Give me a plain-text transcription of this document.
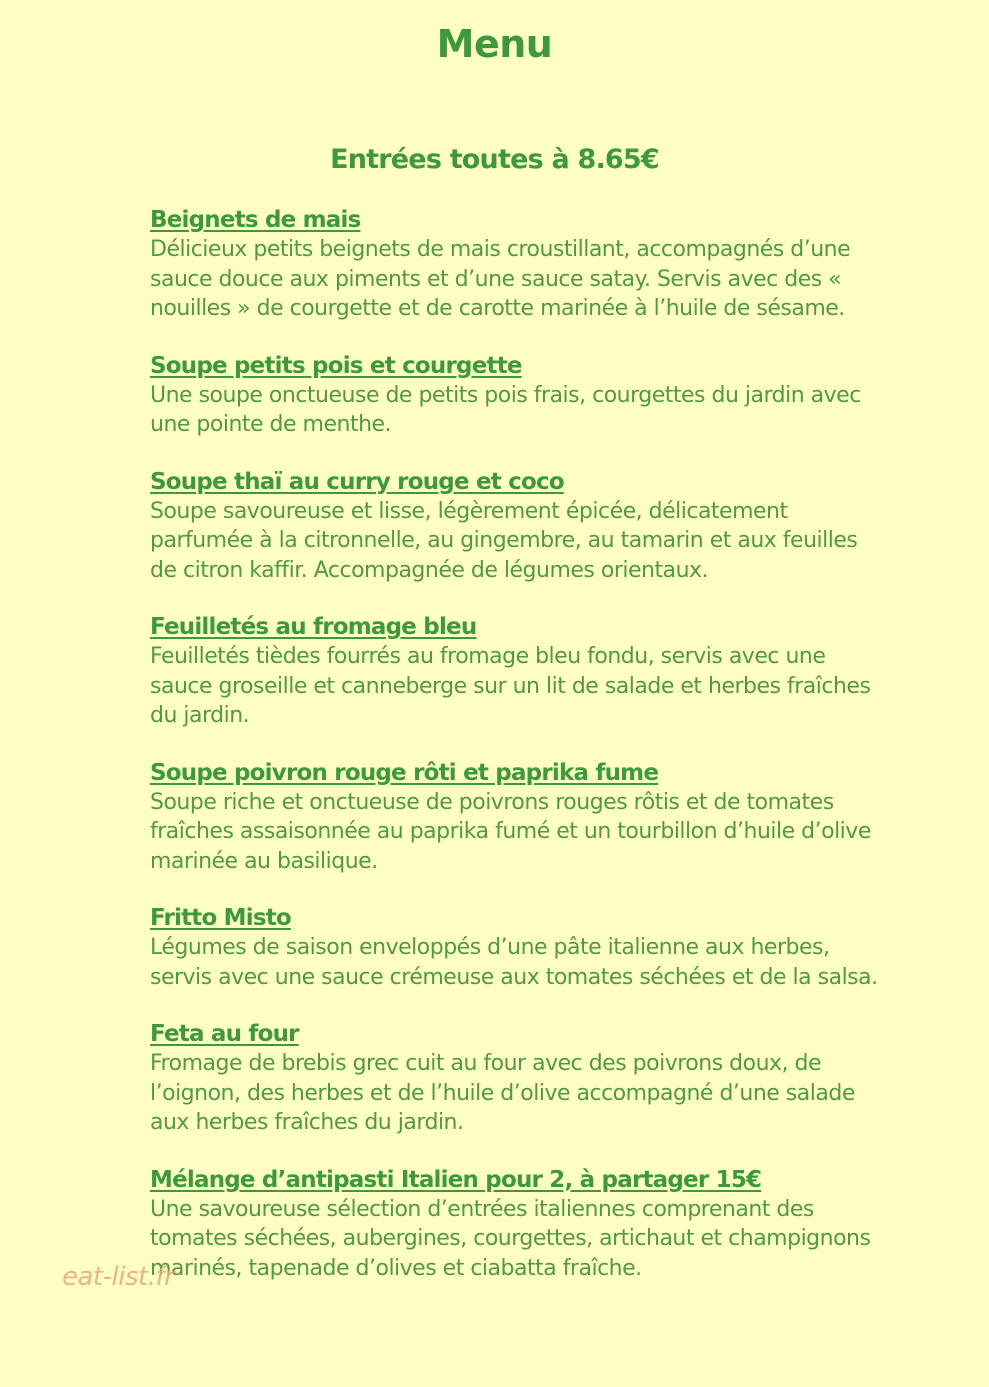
Menu
Entrées toutes à 8.65€
Beignets de mais

Délicieux petits beignets de mais croustillant, accompagnés d’une sauce douce aux piments et d’une sauce satay. Servis avec des « nouilles » de courgette et de carotte marinée à l’huile de sésame.

Soupe petits pois et courgette

Une soupe onctueuse de petits pois frais, courgettes du jardin avec une pointe de menthe.

Soupe thaï au curry rouge et coco

Soupe savoureuse et lisse, légèrement épicée, délicatement parfumée à la citronnelle, au gingembre, au tamarin et aux feuilles de citron kaffir. Accompagnée de légumes orientaux.

Feuilletés au fromage bleu

Feuilletés tièdes fourrés au fromage bleu fondu, servis avec une sauce groseille et canneberge sur un lit de salade et herbes fraîches du jardin.

Soupe poivron rouge rôti et paprika fume

Soupe riche et onctueuse de poivrons rouges rôtis et de tomates fraîches assaisonnée au paprika fumé et un tourbillon d’huile d’olive marinée au basilique.

Fritto Misto

Légumes de saison enveloppés d’une pâte italienne aux herbes, servis avec une sauce crémeuse aux tomates séchées et de la salsa.

Feta au four

Fromage de brebis grec cuit au four avec des poivrons doux, de l’oignon, des herbes et de l’huile d’olive accompagné d’une salade aux herbes fraîches du jardin.

Mélange d’antipasti Italien pour 2, à partager 15€

Une savoureuse sélection d’entrées italiennes comprenant des tomates séchées, aubergines, courgettes, artichaut et champignons marinés, tapenade d’olives et ciabatta fraîche.

eat-list.fr
